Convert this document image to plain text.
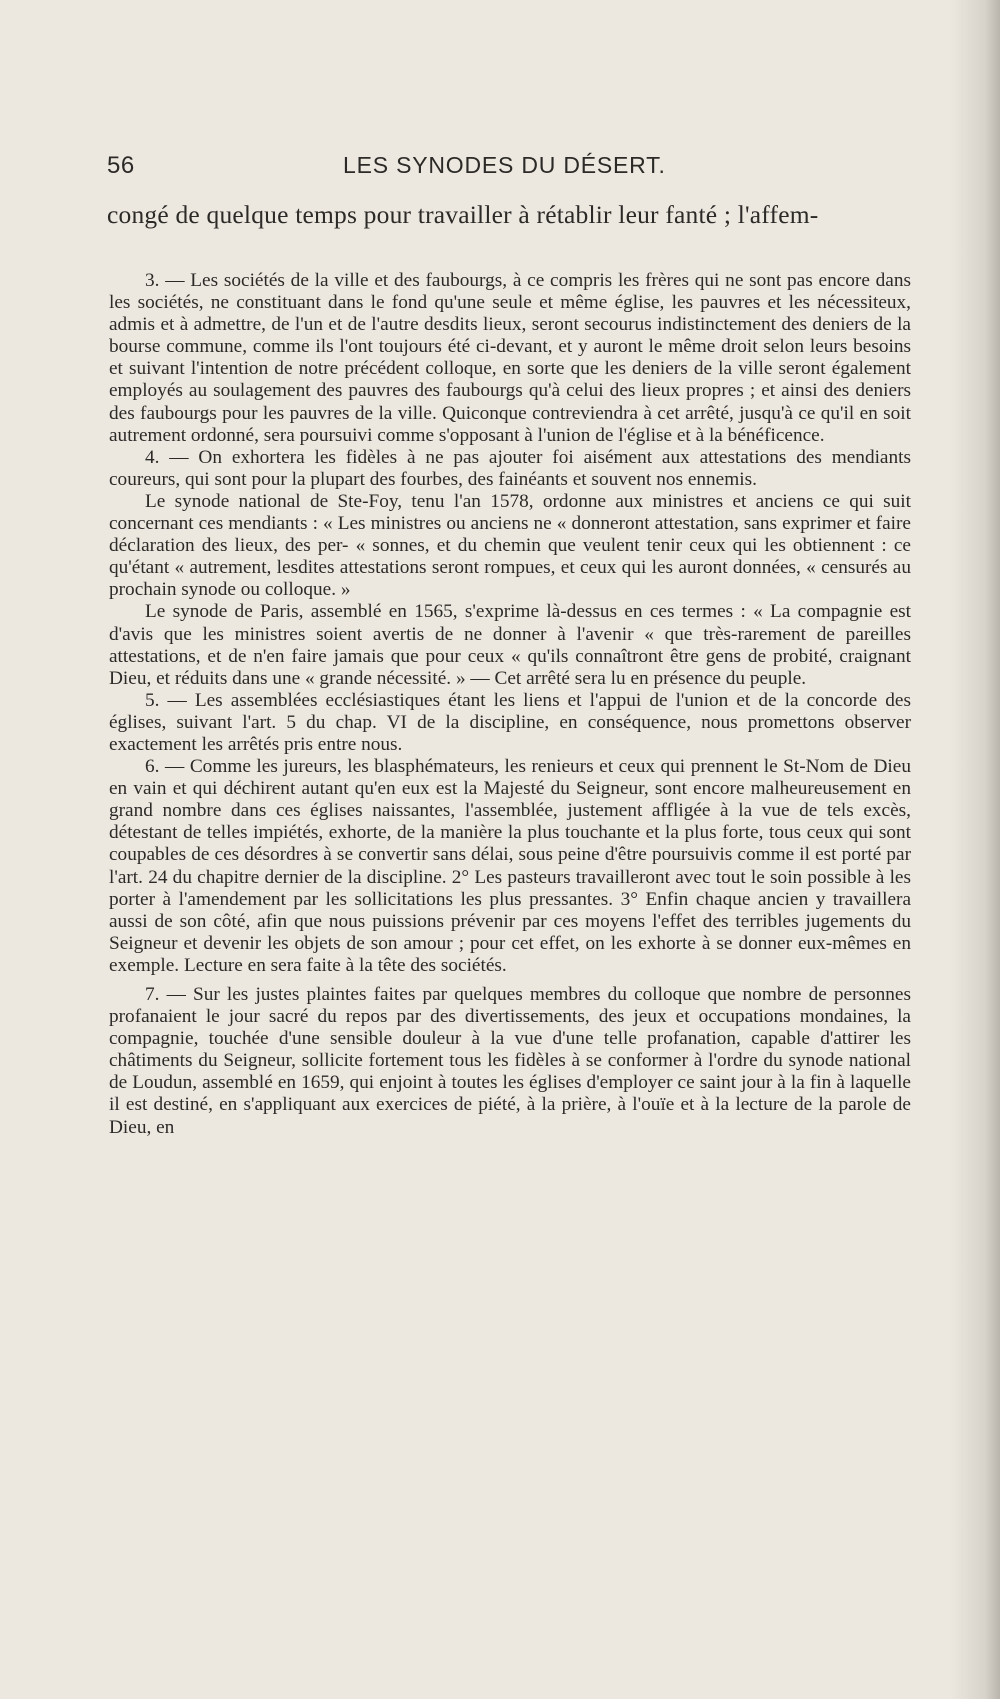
56	LES SYNODES DU DÉSERT.
congé de quelque temps pour travailler à rétablir leur fanté ; l'affem-

3. — Les sociétés de la ville et des faubourgs, à ce compris les frères qui ne sont pas encore dans les sociétés, ne constituant dans le fond qu'une seule et même église, les pauvres et les nécessiteux, admis et à admettre, de l'un et de l'autre desdits lieux, seront secourus indistinctement des deniers de la bourse commune, comme ils l'ont toujours été ci-devant, et y auront le même droit selon leurs besoins et suivant l'intention de notre précédent colloque, en sorte que les deniers de la ville seront également employés au soulagement des pauvres des faubourgs qu'à celui des lieux propres ; et ainsi des deniers des faubourgs pour les pauvres de la ville. Quiconque contreviendra à cet arrêté, jusqu'à ce qu'il en soit autrement ordonné, sera poursuivi comme s'opposant à l'union de l'église et à la bénéficence.

4. — On exhortera les fidèles à ne pas ajouter foi aisément aux attestations des mendiants coureurs, qui sont pour la plupart des fourbes, des fainéants et souvent nos ennemis.

Le synode national de Ste-Foy, tenu l'an 1578, ordonne aux ministres et anciens ce qui suit concernant ces mendiants : « Les ministres ou anciens ne « donneront attestation, sans exprimer et faire déclaration des lieux, des per- « sonnes, et du chemin que veulent tenir ceux qui les obtiennent : ce qu'étant « autrement, lesdites attestations seront rompues, et ceux qui les auront données, « censurés au prochain synode ou colloque. »

Le synode de Paris, assemblé en 1565, s'exprime là-dessus en ces termes : « La compagnie est d'avis que les ministres soient avertis de ne donner à l'avenir « que très-rarement de pareilles attestations, et de n'en faire jamais que pour ceux « qu'ils connaîtront être gens de probité, craignant Dieu, et réduits dans une « grande nécessité. » — Cet arrêté sera lu en présence du peuple.

5. — Les assemblées ecclésiastiques étant les liens et l'appui de l'union et de la concorde des églises, suivant l'art. 5 du chap. VI de la discipline, en conséquence, nous promettons observer exactement les arrêtés pris entre nous.

6. — Comme les jureurs, les blasphémateurs, les renieurs et ceux qui prennent le St-Nom de Dieu en vain et qui déchirent autant qu'en eux est la Majesté du Seigneur, sont encore malheureusement en grand nombre dans ces églises naissantes, l'assemblée, justement affligée à la vue de tels excès, détestant de telles impiétés, exhorte, de la manière la plus touchante et la plus forte, tous ceux qui sont coupables de ces désordres à se convertir sans délai, sous peine d'être poursuivis comme il est porté par l'art. 24 du chapitre dernier de la discipline. 2° Les pasteurs travailleront avec tout le soin possible à les porter à l'amendement par les sollicitations les plus pressantes. 3° Enfin chaque ancien y travaillera aussi de son côté, afin que nous puissions prévenir par ces moyens l'effet des terribles jugements du Seigneur et devenir les objets de son amour ; pour cet effet, on les exhorte à se donner eux-mêmes en exemple. Lecture en sera faite à la tête des sociétés.

7. — Sur les justes plaintes faites par quelques membres du colloque que nombre de personnes profanaient le jour sacré du repos par des divertissements, des jeux et occupations mondaines, la compagnie, touchée d'une sensible douleur à la vue d'une telle profanation, capable d'attirer les châtiments du Seigneur, sollicite fortement tous les fidèles à se conformer à l'ordre du synode national de Loudun, assemblé en 1659, qui enjoint à toutes les églises d'employer ce saint jour à la fin à laquelle il est destiné, en s'appliquant aux exercices de piété, à la prière, à l'ouïe et à la lecture de la parole de Dieu, en
